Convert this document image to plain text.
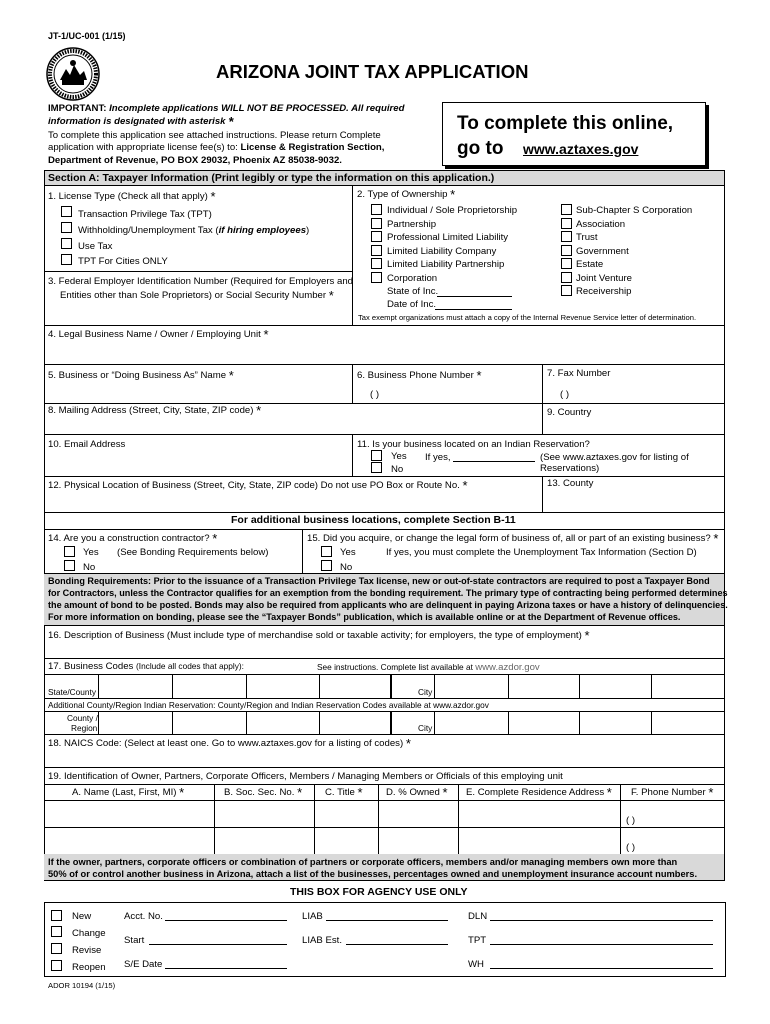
JT-1/UC-001 (1/15)
ARIZONA JOINT TAX APPLICATION
IMPORTANT: Incomplete applications WILL NOT BE PROCESSED. All required
information is designated with asterisk *
To complete this application see attached instructions. Please return Complete
application with appropriate license fee(s) to: License & Registration Section,
Department of Revenue, PO BOX 29032, Phoenix AZ 85038-9032.
To complete this online,
go to www.aztaxes.gov
Section A: Taxpayer Information (Print legibly or type the information on this application.)
1. License Type (Check all that apply) *
Transaction Privilege Tax (TPT)
Withholding/Unemployment Tax (if hiring employees)
Use Tax
TPT For Cities ONLY
3. Federal Employer Identification Number (Required for Employers and
Entities other than Sole Proprietors) or Social Security Number *
2. Type of Ownership *
Individual / Sole Proprietorship
Partnership
Professional Limited Liability
Limited Liability Company
Limited Liability Partnership
Corporation
State of Inc.
Date of Inc.
Sub-Chapter S Corporation
Association
Trust
Government
Estate
Joint Venture
Receivership
Tax exempt organizations must attach a copy of the Internal Revenue Service letter of determination.
4. Legal Business Name / Owner / Employing Unit *
5. Business or “Doing Business As” Name *	6. Business Phone Number *
( )
7. Fax Number
( )
8. Mailing Address (Street, City, State, ZIP code) *	9. Country
10. Email Address	11. Is your business located on an Indian Reservation?
Yes If yes,	(See www.aztaxes.gov for listing of
No	Reservations)
12. Physical Location of Business (Street, City, State, ZIP code) Do not use PO Box or Route No. *	13. County
For additional business locations, complete Section B-11
14. Are you a construction contractor? *
Yes (See Bonding Requirements below)
No
15. Did you acquire, or change the legal form of business of, all or part of an existing business? *
Yes	If yes, you must complete the Unemployment Tax Information (Section D)
No
Bonding Requirements: Prior to the issuance of a Transaction Privilege Tax license, new or out-of-state contractors are required to post a Taxpayer Bond
for Contractors, unless the Contractor qualifies for an exemption from the bonding requirement. The primary type of contracting being performed determines
the amount of bond to be posted. Bonds may also be required from applicants who are delinquent in paying Arizona taxes or have a history of delinquencies.
For more information on bonding, please see the “Taxpayer Bonds” publication, which is available online or at the Department of Revenue offices.
16. Description of Business (Must include type of merchandise sold or taxable activity; for employers, the type of employment) *
17. Business Codes (Include all codes that apply):	See instructions. Complete list available at www.azdor.gov
State/County	City
Additional County/Region Indian Reservation: County/Region and Indian Reservation Codes available at www.azdor.gov
County /
Region	City
18. NAICS Code: (Select at least one. Go to www.aztaxes.gov for a listing of codes) *
19. Identification of Owner, Partners, Corporate Officers, Members / Managing Members or Officials of this employing unit
A. Name (Last, First, MI) *	B. Soc. Sec. No. * C. Title * D. % Owned * E. Complete Residence Address * F. Phone Number *
( )
( )
If the owner, partners, corporate officers or combination of partners or corporate officers, members and/or managing members own more than
50% of or control another business in Arizona, attach a list of the businesses, percentages owned and unemployment insurance account numbers.
THIS BOX FOR AGENCY USE ONLY
New
Change
Revise
Reopen
Acct. No.
Start
S/E Date
LIAB
LIAB Est.
DLN
TPT
WH
ADOR 10194 (1/15)
